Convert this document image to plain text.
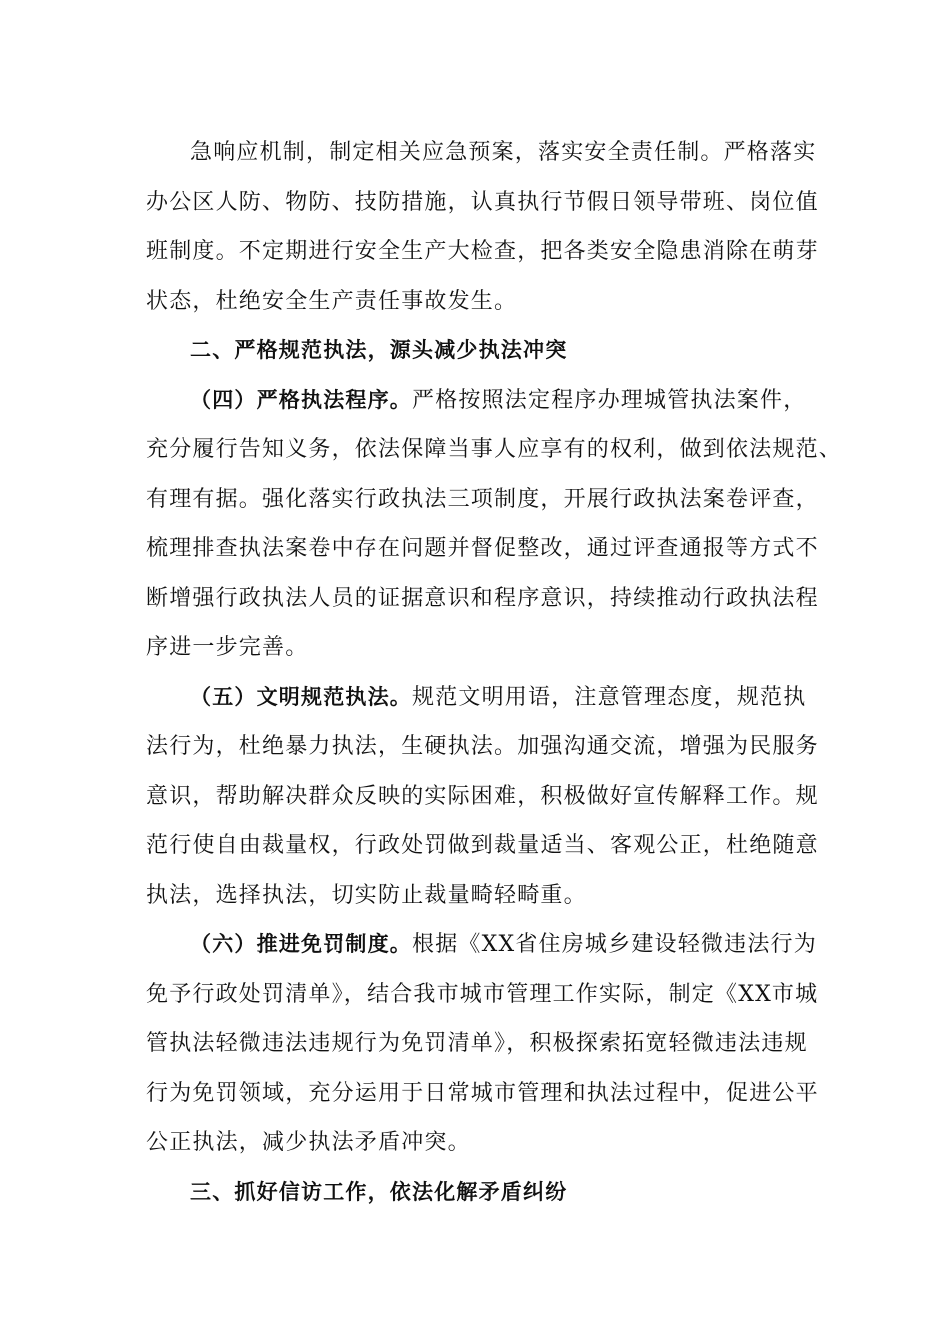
急响应机制，制定相关应急预案，落实安全责任制。严格落实
办公区人防、物防、技防措施，认真执行节假日领导带班、岗位值
班制度。不定期进行安全生产大检查，把各类安全隐患消除在萌芽
状态，杜绝安全生产责任事故发生。

二、严格规范执法，源头减少执法冲突

（四）严格执法程序。严格按照法定程序办理城管执法案件，
充分履行告知义务，依法保障当事人应享有的权利，做到依法规范、
有理有据。强化落实行政执法三项制度，开展行政执法案卷评查，
梳理排查执法案卷中存在问题并督促整改，通过评查通报等方式不
断增强行政执法人员的证据意识和程序意识，持续推动行政执法程
序进一步完善。

（五）文明规范执法。规范文明用语，注意管理态度，规范执
法行为，杜绝暴力执法，生硬执法。加强沟通交流，增强为民服务
意识，帮助解决群众反映的实际困难，积极做好宣传解释工作。规
范行使自由裁量权，行政处罚做到裁量适当、客观公正，杜绝随意
执法，选择执法，切实防止裁量畸轻畸重。

（六）推进免罚制度。根据《XX省住房城乡建设轻微违法行为
免予行政处罚清单》，结合我市城市管理工作实际，制定《XX市城
管执法轻微违法违规行为免罚清单》，积极探索拓宽轻微违法违规
行为免罚领域，充分运用于日常城市管理和执法过程中，促进公平
公正执法，减少执法矛盾冲突。

三、抓好信访工作，依法化解矛盾纠纷
